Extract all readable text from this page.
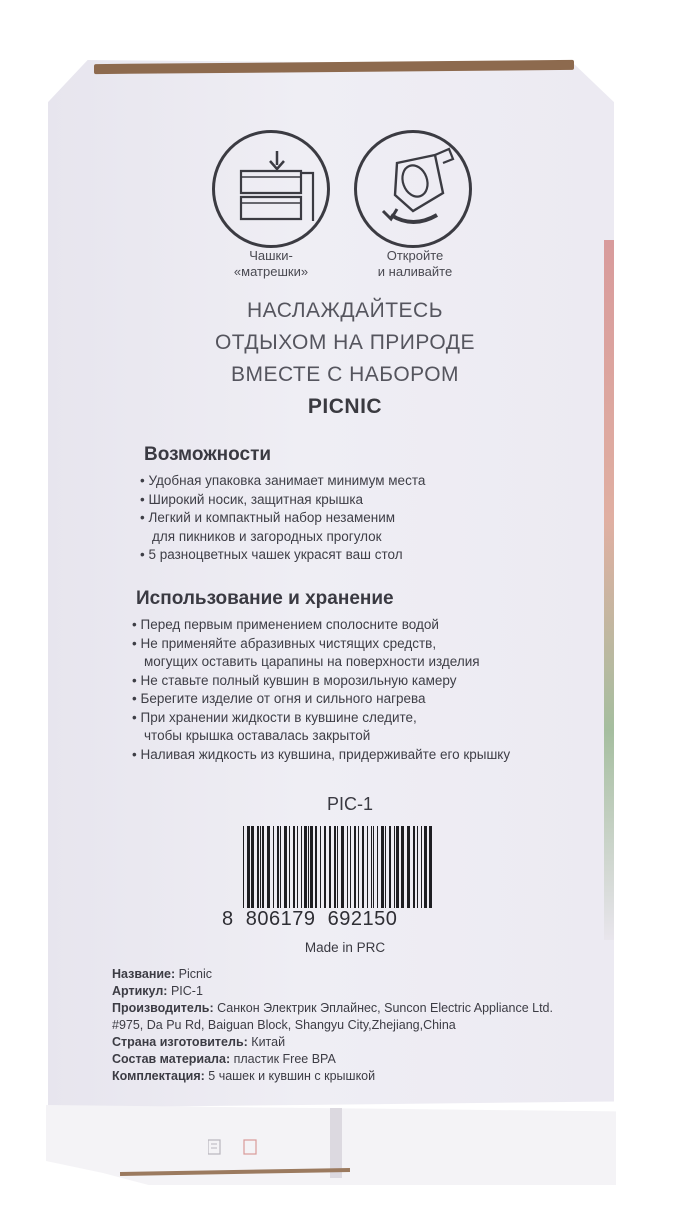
Чашки-
«матрешки»
Откройте
и наливайте
НАСЛАЖДАЙТЕСЬ
ОТДЫХОМ НА ПРИРОДЕ
ВМЕСТЕ С НАБОРОМ
PICNIC
Возможности
• Удобная упаковка занимает минимум места
• Широкий носик, защитная крышка
• Легкий и компактный набор незаменим
для пикников и загородных прогулок
• 5 разноцветных чашек украсят ваш стол
Использование и хранение
• Перед первым применением сполосните водой
• Не применяйте абразивных чистящих средств,
могущих оставить царапины на поверхности изделия
• Не ставьте полный кувшин в морозильную камеру
• Берегите изделие от огня и сильного нагрева
• При хранении жидкости в кувшине следите,
чтобы крышка оставалась закрытой
• Наливая жидкость из кувшина, придерживайте его крышку
PIC-1
8  806179  692150
Made in PRC
Название: Picnic
Артикул: PIC-1
Производитель: Санкон Электрик Эплайнес, Suncon Electric Appliance Ltd.
#975, Da Pu Rd, Baiguan Block, Shangyu City,Zhejiang,China
Страна изготовитель: Китай
Состав материала: пластик Free BPA
Комплектация: 5 чашек и кувшин с крышкой
